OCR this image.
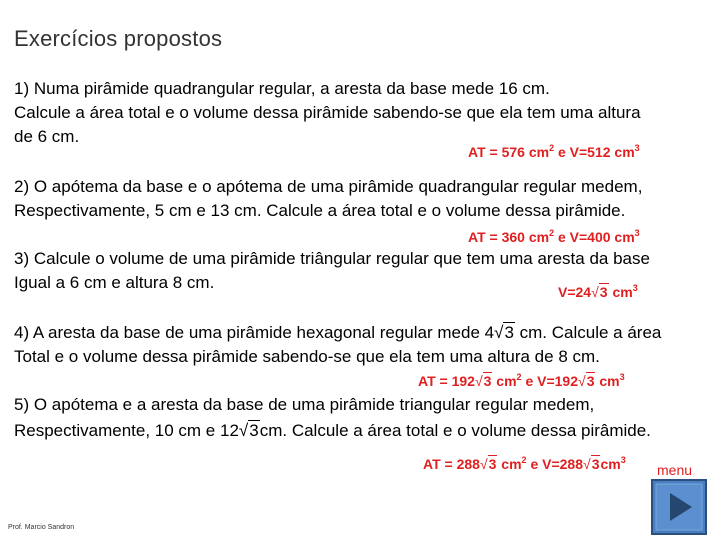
Exercícios propostos
1) Numa pirâmide quadrangular regular, a aresta da base mede 16 cm.
Calcule a área total e o volume dessa pirâmide sabendo-se que ela tem uma altura
de 6 cm.
AT = 576 $cm^2$ e V=512 $cm^3$
2) O apótema da base e o apótema de uma pirâmide quadrangular regular medem,
Respectivamente, 5 cm e 13 cm. Calcule a área total e o volume dessa pirâmide.
AT = 360 $cm^2$ e V=400 $cm^3$
3) Calcule o volume de uma pirâmide triângular regular que tem uma aresta da base
Igual a 6 cm e altura 8 cm.	V=24√3 $cm^3$
4) A aresta da base de uma pirâmide hexagonal regular mede 4√3 cm. Calcule a área
Total e o volume dessa pirâmide sabendo-se que ela tem uma altura de 8 cm.
AT = 192√3 $cm^2$ e V=192√3 $cm^3$
5) O apótema e a aresta da base de uma pirâmide triangular regular medem,
Respectivamente, 10 cm e 12√3cm. Calcule a área total e o volume dessa pirâmide.
AT = 288√3 $cm^2$ e $V=288√3cm^3$
menu
Prof. Marcio Sandron
